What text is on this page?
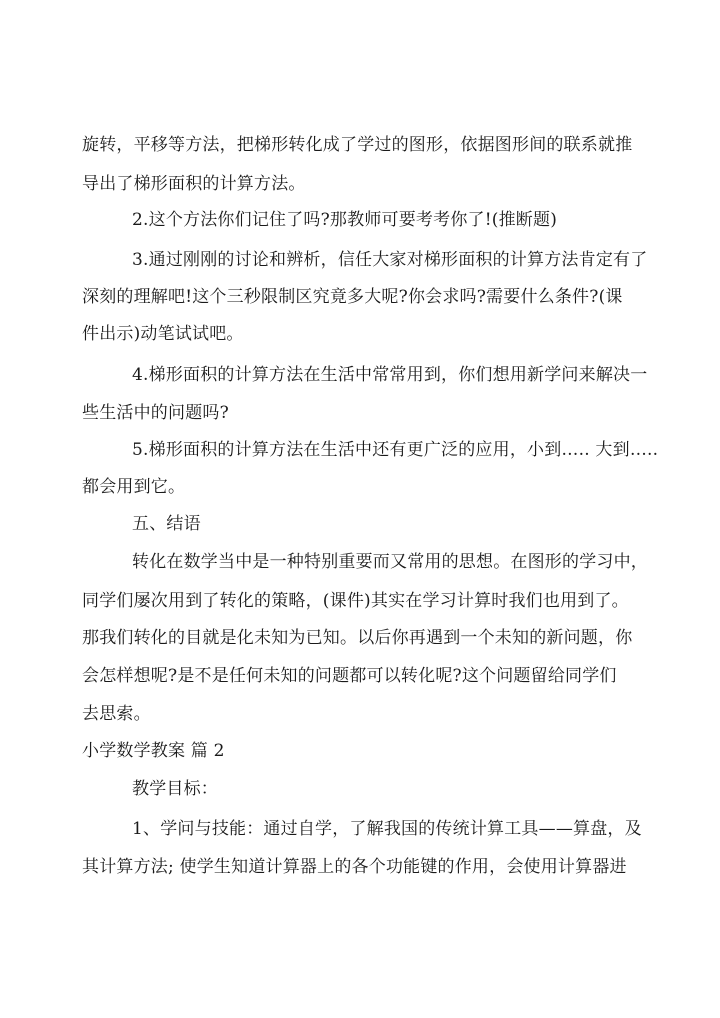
旋转，平移等方法，把梯形转化成了学过的图形，依据图形间的联系就推
导出了梯形面积的计算方法。
2.这个方法你们记住了吗?那教师可要考考你了!(推断题)
3.通过刚刚的讨论和辨析，信任大家对梯形面积的计算方法肯定有了
深刻的理解吧!这个三秒限制区究竟多大呢?你会求吗?需要什么条件?(课
件出示)动笔试试吧。
4.梯形面积的计算方法在生活中常常用到，你们想用新学问来解决一
些生活中的问题吗?
5.梯形面积的计算方法在生活中还有更广泛的应用，小到….. 大到…..
都会用到它。
五、结语
转化在数学当中是一种特别重要而又常用的思想。在图形的学习中，
同学们屡次用到了转化的策略，(课件)其实在学习计算时我们也用到了。
那我们转化的目就是化未知为已知。以后你再遇到一个未知的新问题，你
会怎样想呢?是不是任何未知的问题都可以转化呢?这个问题留给同学们
去思索。
小学数学教案 篇 2
教学目标：
1、学问与技能：通过自学，了解我国的传统计算工具——算盘，及
其计算方法; 使学生知道计算器上的各个功能键的作用，会使用计算器进
